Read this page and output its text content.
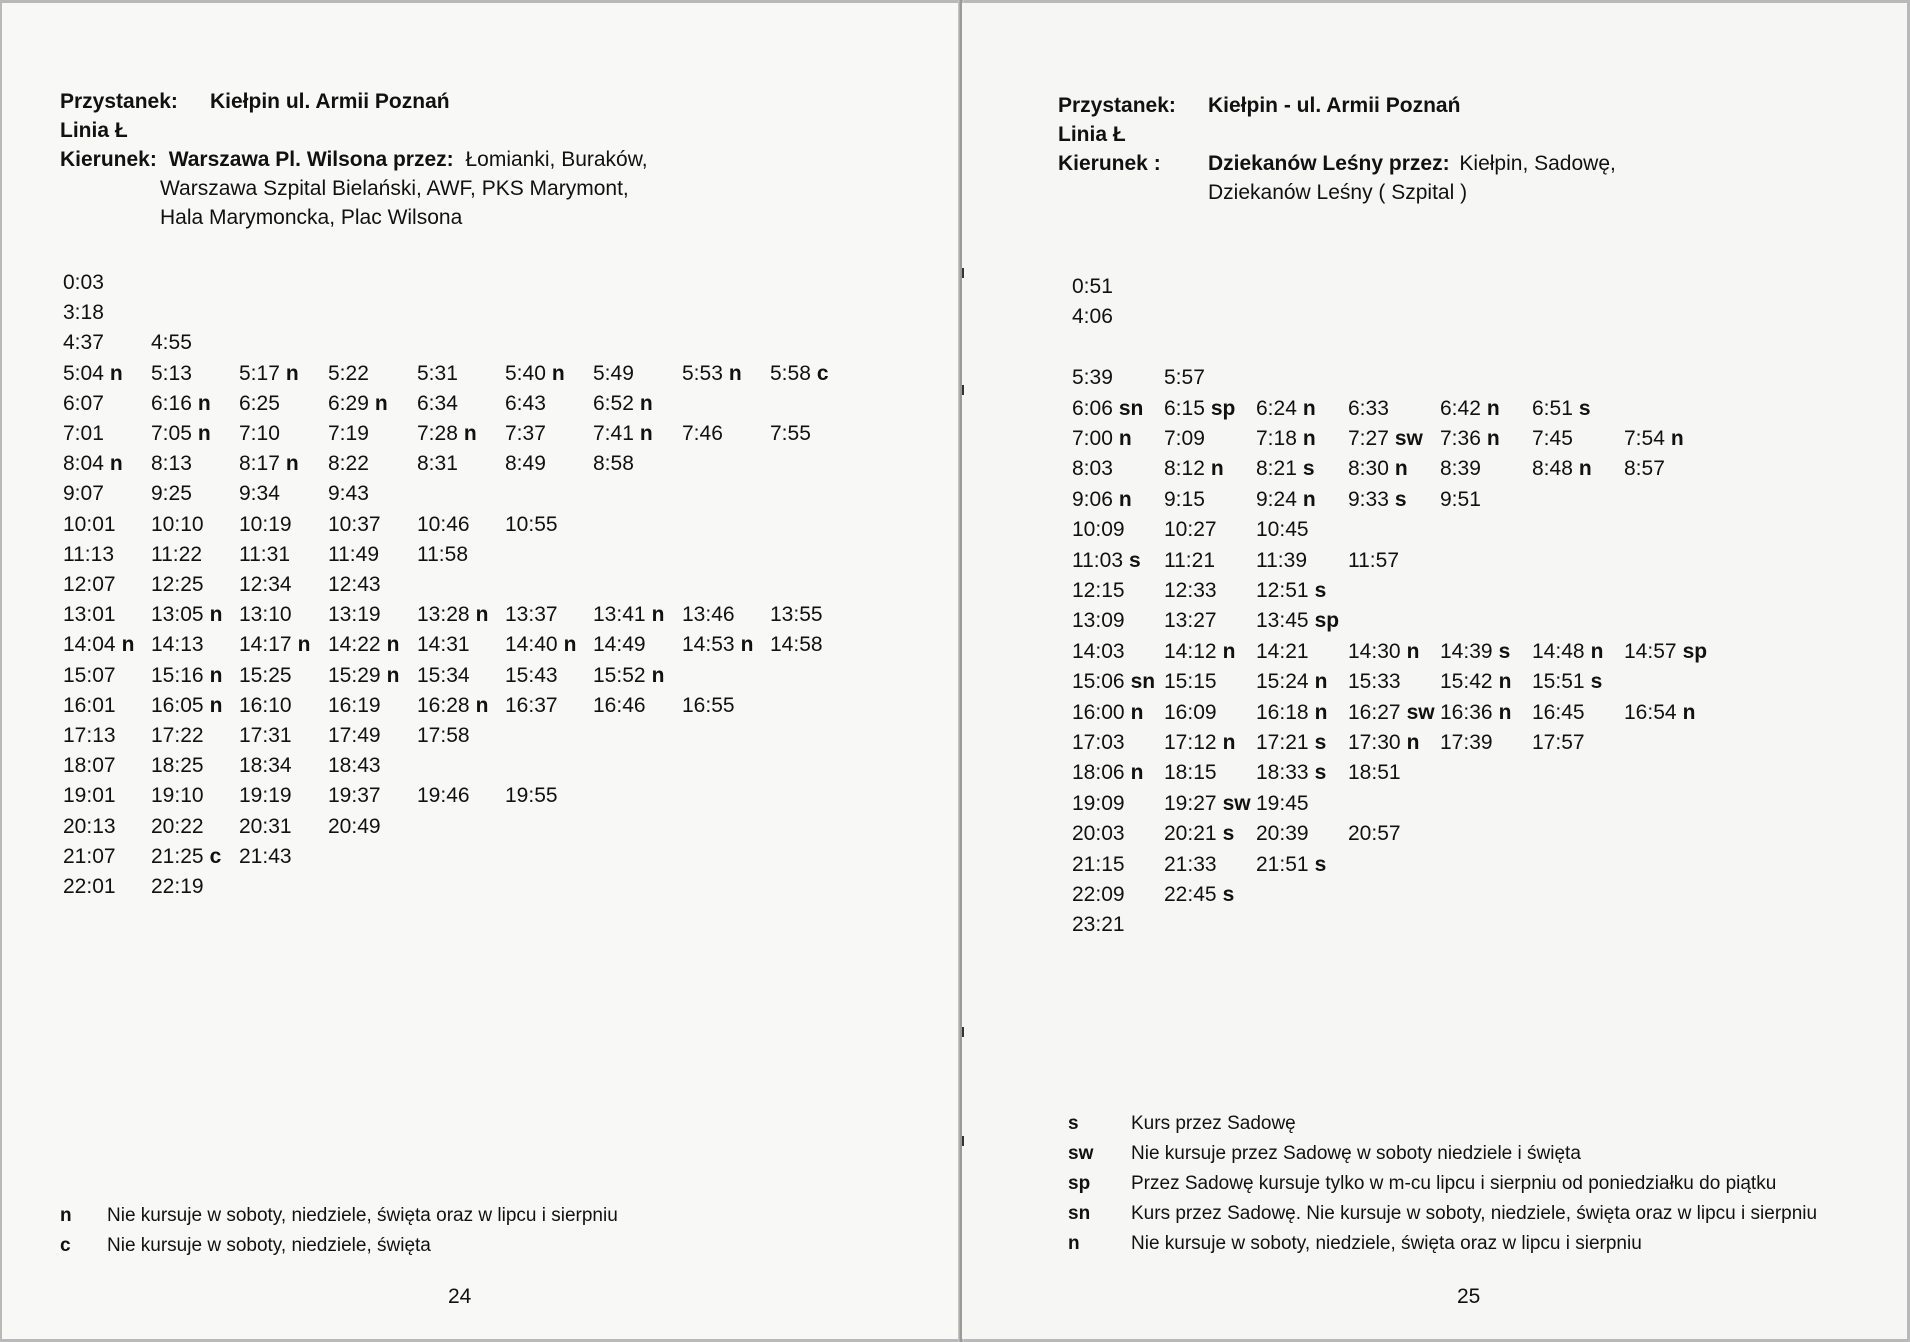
Przystanek: Kiełpin ul. Armii Poznań
Linia Ł
Kierunek: Warszawa Pl. Wilsona przez: Łomianki, Buraków,
Warszawa Szpital Bielański, AWF, PKS Marymont,
Hala Marymoncka, Plac Wilsona
0:03
3:18
4:37 4:55
5:04 n 5:13 5:17 n 5:22 5:31 5:40 n 5:49 5:53 n 5:58 c
6:07 6:16 n 6:25 6:29 n 6:34 6:43 6:52 n
7:01 7:05 n 7:10 7:19 7:28 n 7:37 7:41 n 7:46 7:55
8:04 n 8:13 8:17 n 8:22 8:31 8:49 8:58
9:07 9:25 9:34 9:43
10:01 10:10 10:19 10:37 10:46 10:55
11:13 11:22 11:31 11:49 11:58
12:07 12:25 12:34 12:43
13:01 13:05 n 13:10 13:19 13:28 n 13:37 13:41 n 13:46 13:55
14:04 n 14:13 14:17 n 14:22 n 14:31 14:40 n 14:49 14:53 n 14:58
15:07 15:16 n 15:25 15:29 n 15:34 15:43 15:52 n
16:01 16:05 n 16:10 16:19 16:28 n 16:37 16:46 16:55
17:13 17:22 17:31 17:49 17:58
18:07 18:25 18:34 18:43
19:01 19:10 19:19 19:37 19:46 19:55
20:13 20:22 20:31 20:49
21:07 21:25 c 21:43
22:01 22:19
n Nie kursuje w soboty, niedziele, święta oraz w lipcu i sierpniu
c Nie kursuje w soboty, niedziele, święta
24
Przystanek: Kiełpin - ul. Armii Poznań
Linia Ł
Kierunek : Dziekanów Leśny przez: Kiełpin, Sadowę,
Dziekanów Leśny ( Szpital )
0:51
4:06
5:39 5:57
6:06 sn 6:15 sp 6:24 n 6:33 6:42 n 6:51 s
7:00 n 7:09 7:18 n 7:27 sw 7:36 n 7:45 7:54 n
8:03 8:12 n 8:21 s 8:30 n 8:39 8:48 n 8:57
9:06 n 9:15 9:24 n 9:33 s 9:51
10:09 10:27 10:45
11:03 s 11:21 11:39 11:57
12:15 12:33 12:51 s
13:09 13:27 13:45 sp
14:03 14:12 n 14:21 14:30 n 14:39 s 14:48 n 14:57 sp
15:06 sn 15:15 15:24 n 15:33 15:42 n 15:51 s
16:00 n 16:09 16:18 n 16:27 sw 16:36 n 16:45 16:54 n
17:03 17:12 n 17:21 s 17:30 n 17:39 17:57
18:06 n 18:15 18:33 s 18:51
19:09 19:27 sw 19:45
20:03 20:21 s 20:39 20:57
21:15 21:33 21:51 s
22:09 22:45 s
23:21
s	Kurs przez Sadowę
sw Nie kursuje przez Sadowę w soboty niedziele i święta
sp Przez Sadowę kursuje tylko w m-cu lipcu i sierpniu od poniedziałku do piątku
sn Kurs przez Sadowę. Nie kursuje w soboty, niedziele, święta oraz w lipcu i sierpniu
n	Nie kursuje w soboty, niedziele, święta oraz w lipcu i sierpniu
25
